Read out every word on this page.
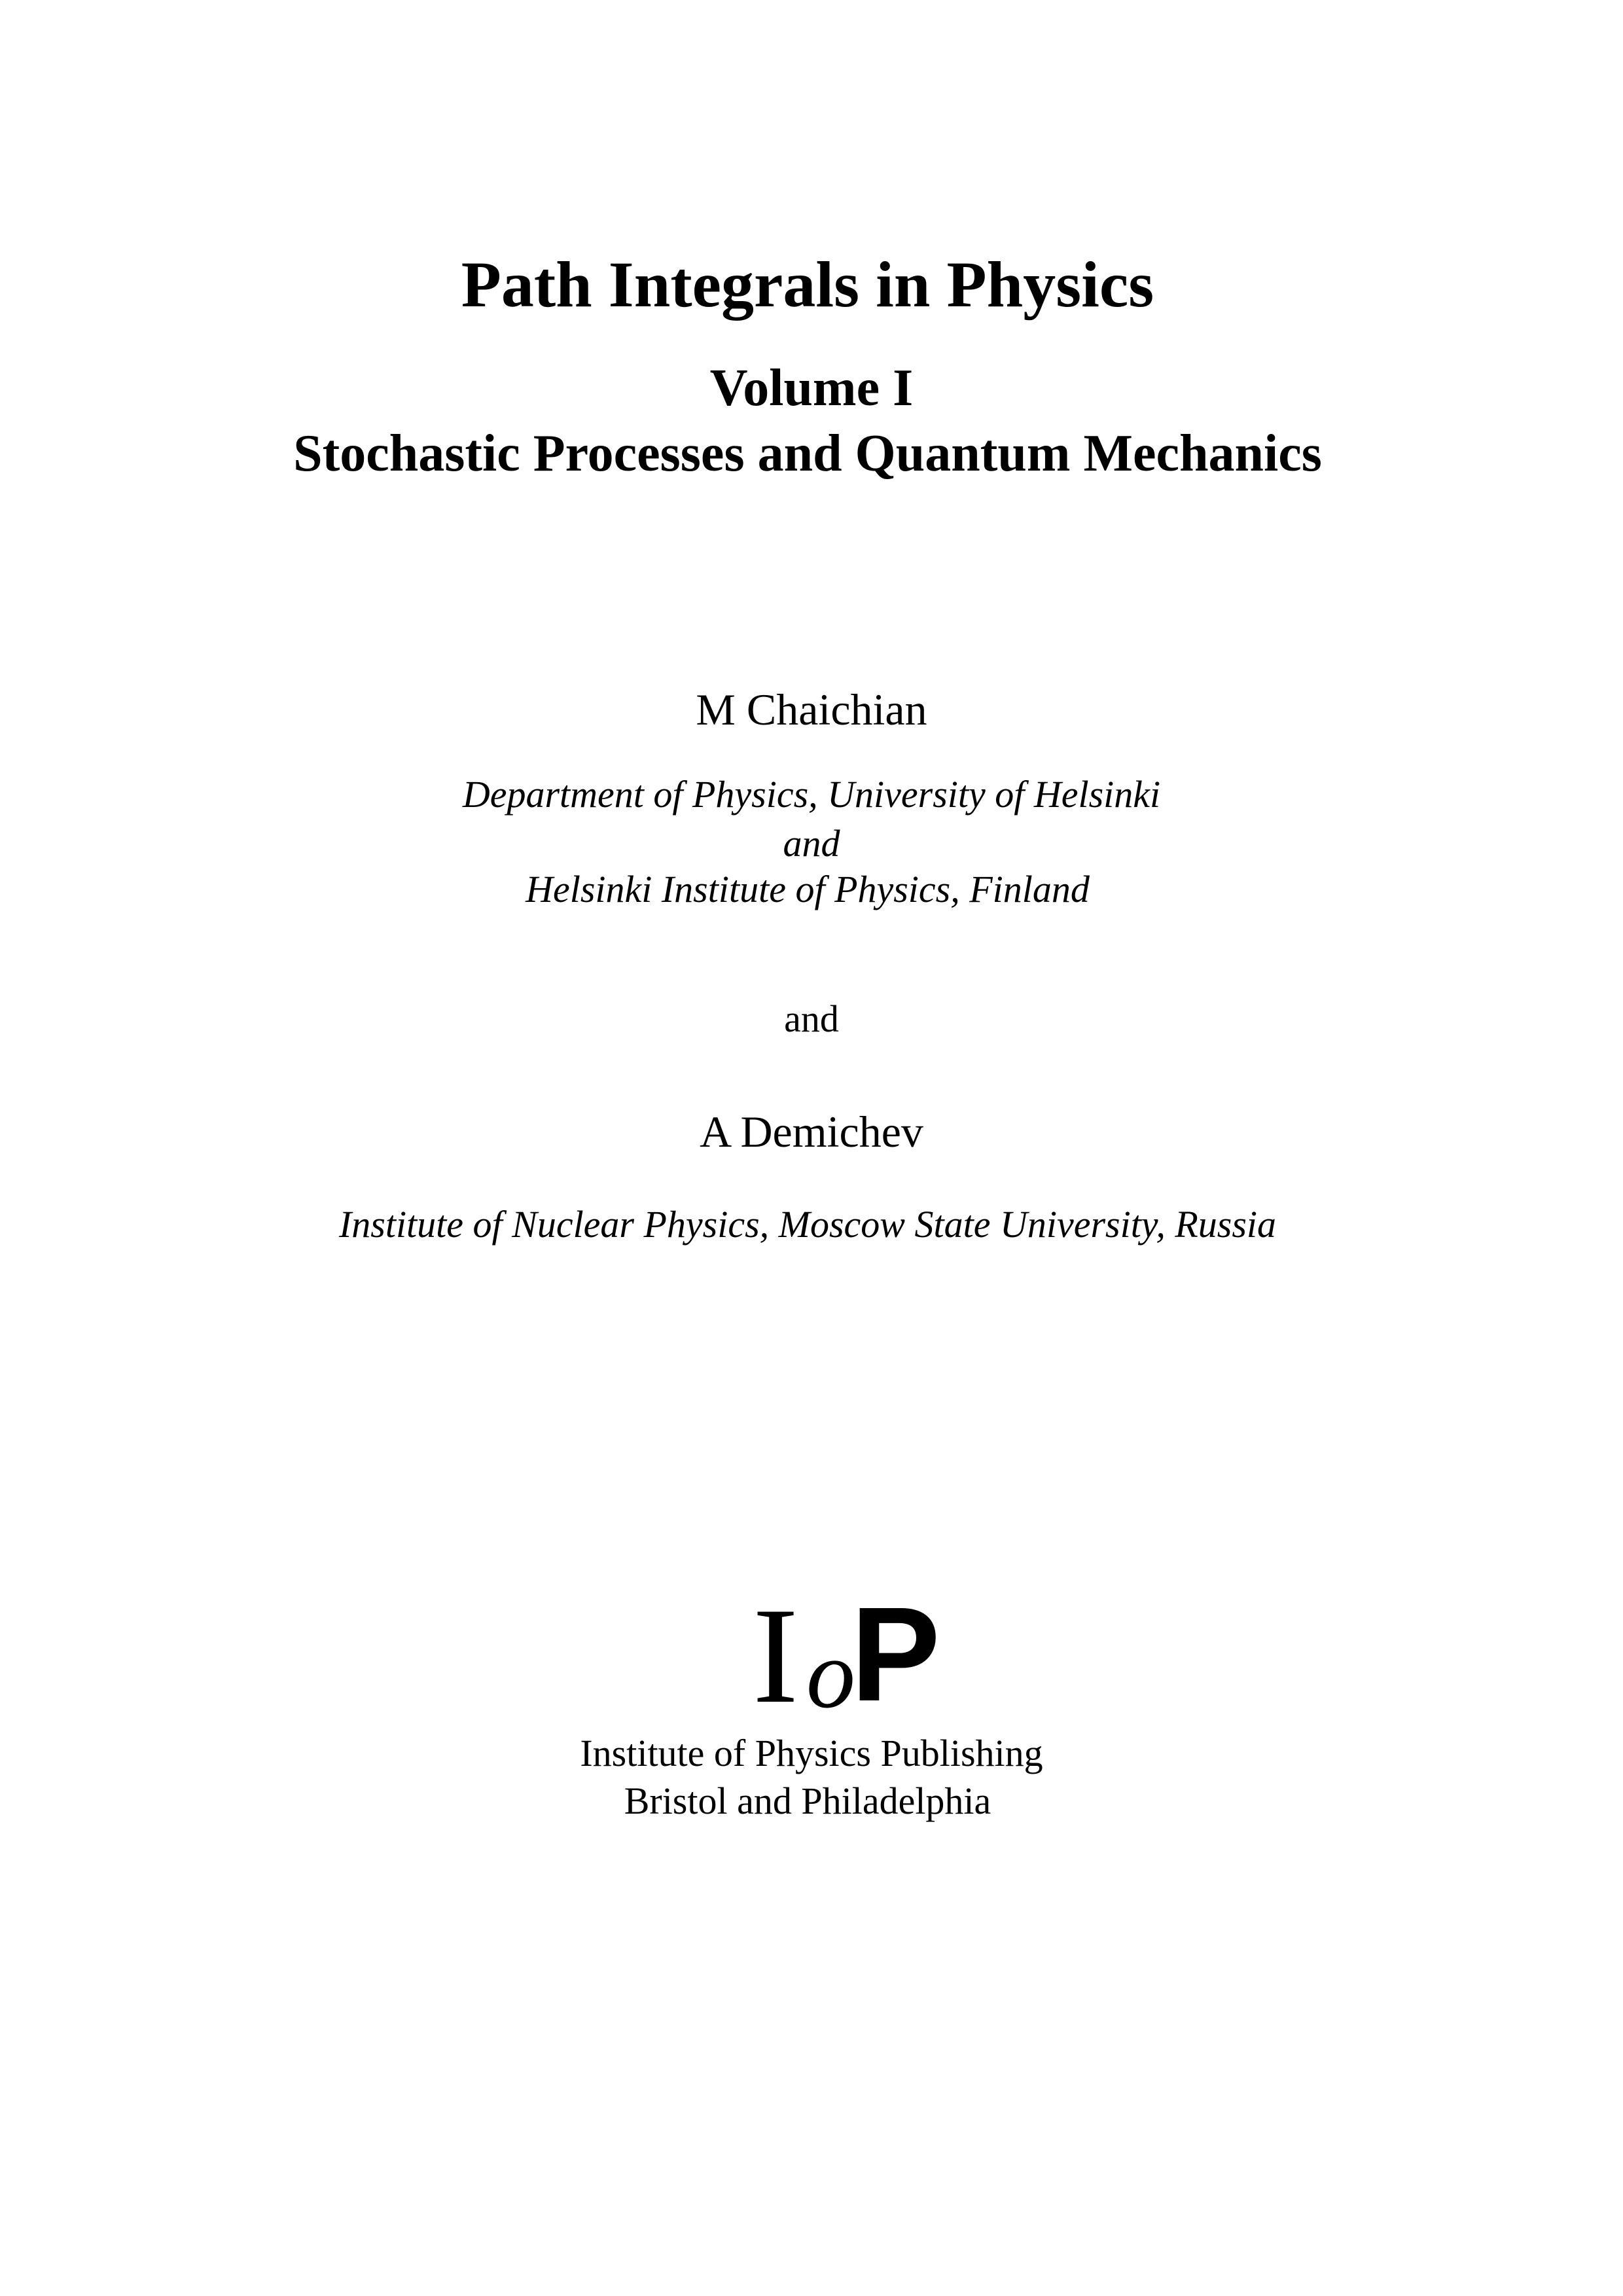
Path Integrals in Physics
Volume I
Stochastic Processes and Quantum Mechanics
M Chaichian
Department of Physics, University of Helsinki
and
Helsinki Institute of Physics, Finland
and
A Demichev
Institute of Nuclear Physics, Moscow State University, Russia
I o
P
Institute of Physics Publishing
Bristol and Philadelphia
